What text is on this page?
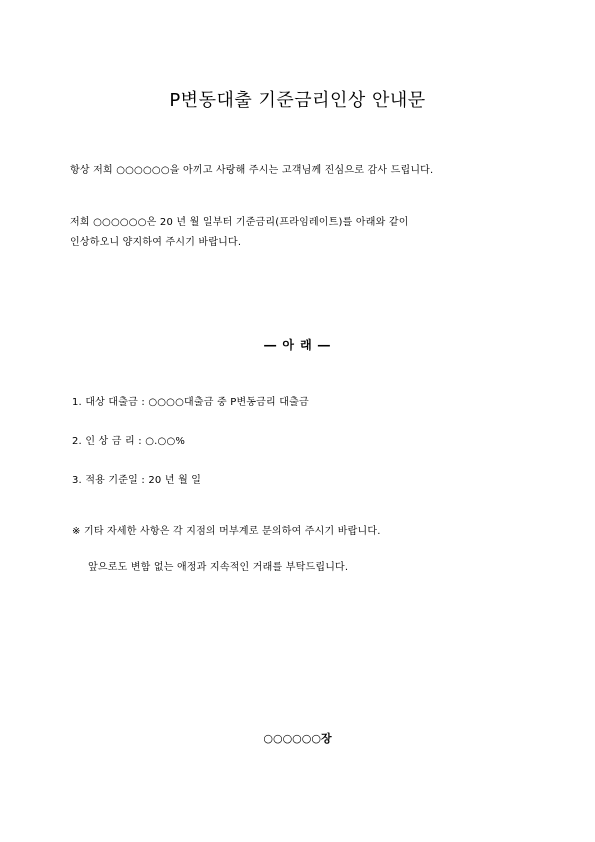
P변동대출 기준금리인상 안내문
항상 저희 ○○○○○○을 아끼고 사랑해 주시는 고객님께 진심으로 감사 드립니다.
저희 ○○○○○○은 20 년 월 일부터 기준금리(프라임레이트)를 아래와 같이
인상하오니 양지하여 주시기 바랍니다.
― 아 래 ―
1. 대상 대출금 : ○○○○대출금 중 P변동금리 대출금
2. 인 상 금 리 : ○.○○%
3. 적용 기준일 : 20 년 월 일
※ 기타 자세한 사항은 각 지점의 머부계로 문의하여 주시기 바랍니다.
앞으로도 변함 없는 애정과 지속적인 거래를 부탁드립니다.
○○○○○○장
